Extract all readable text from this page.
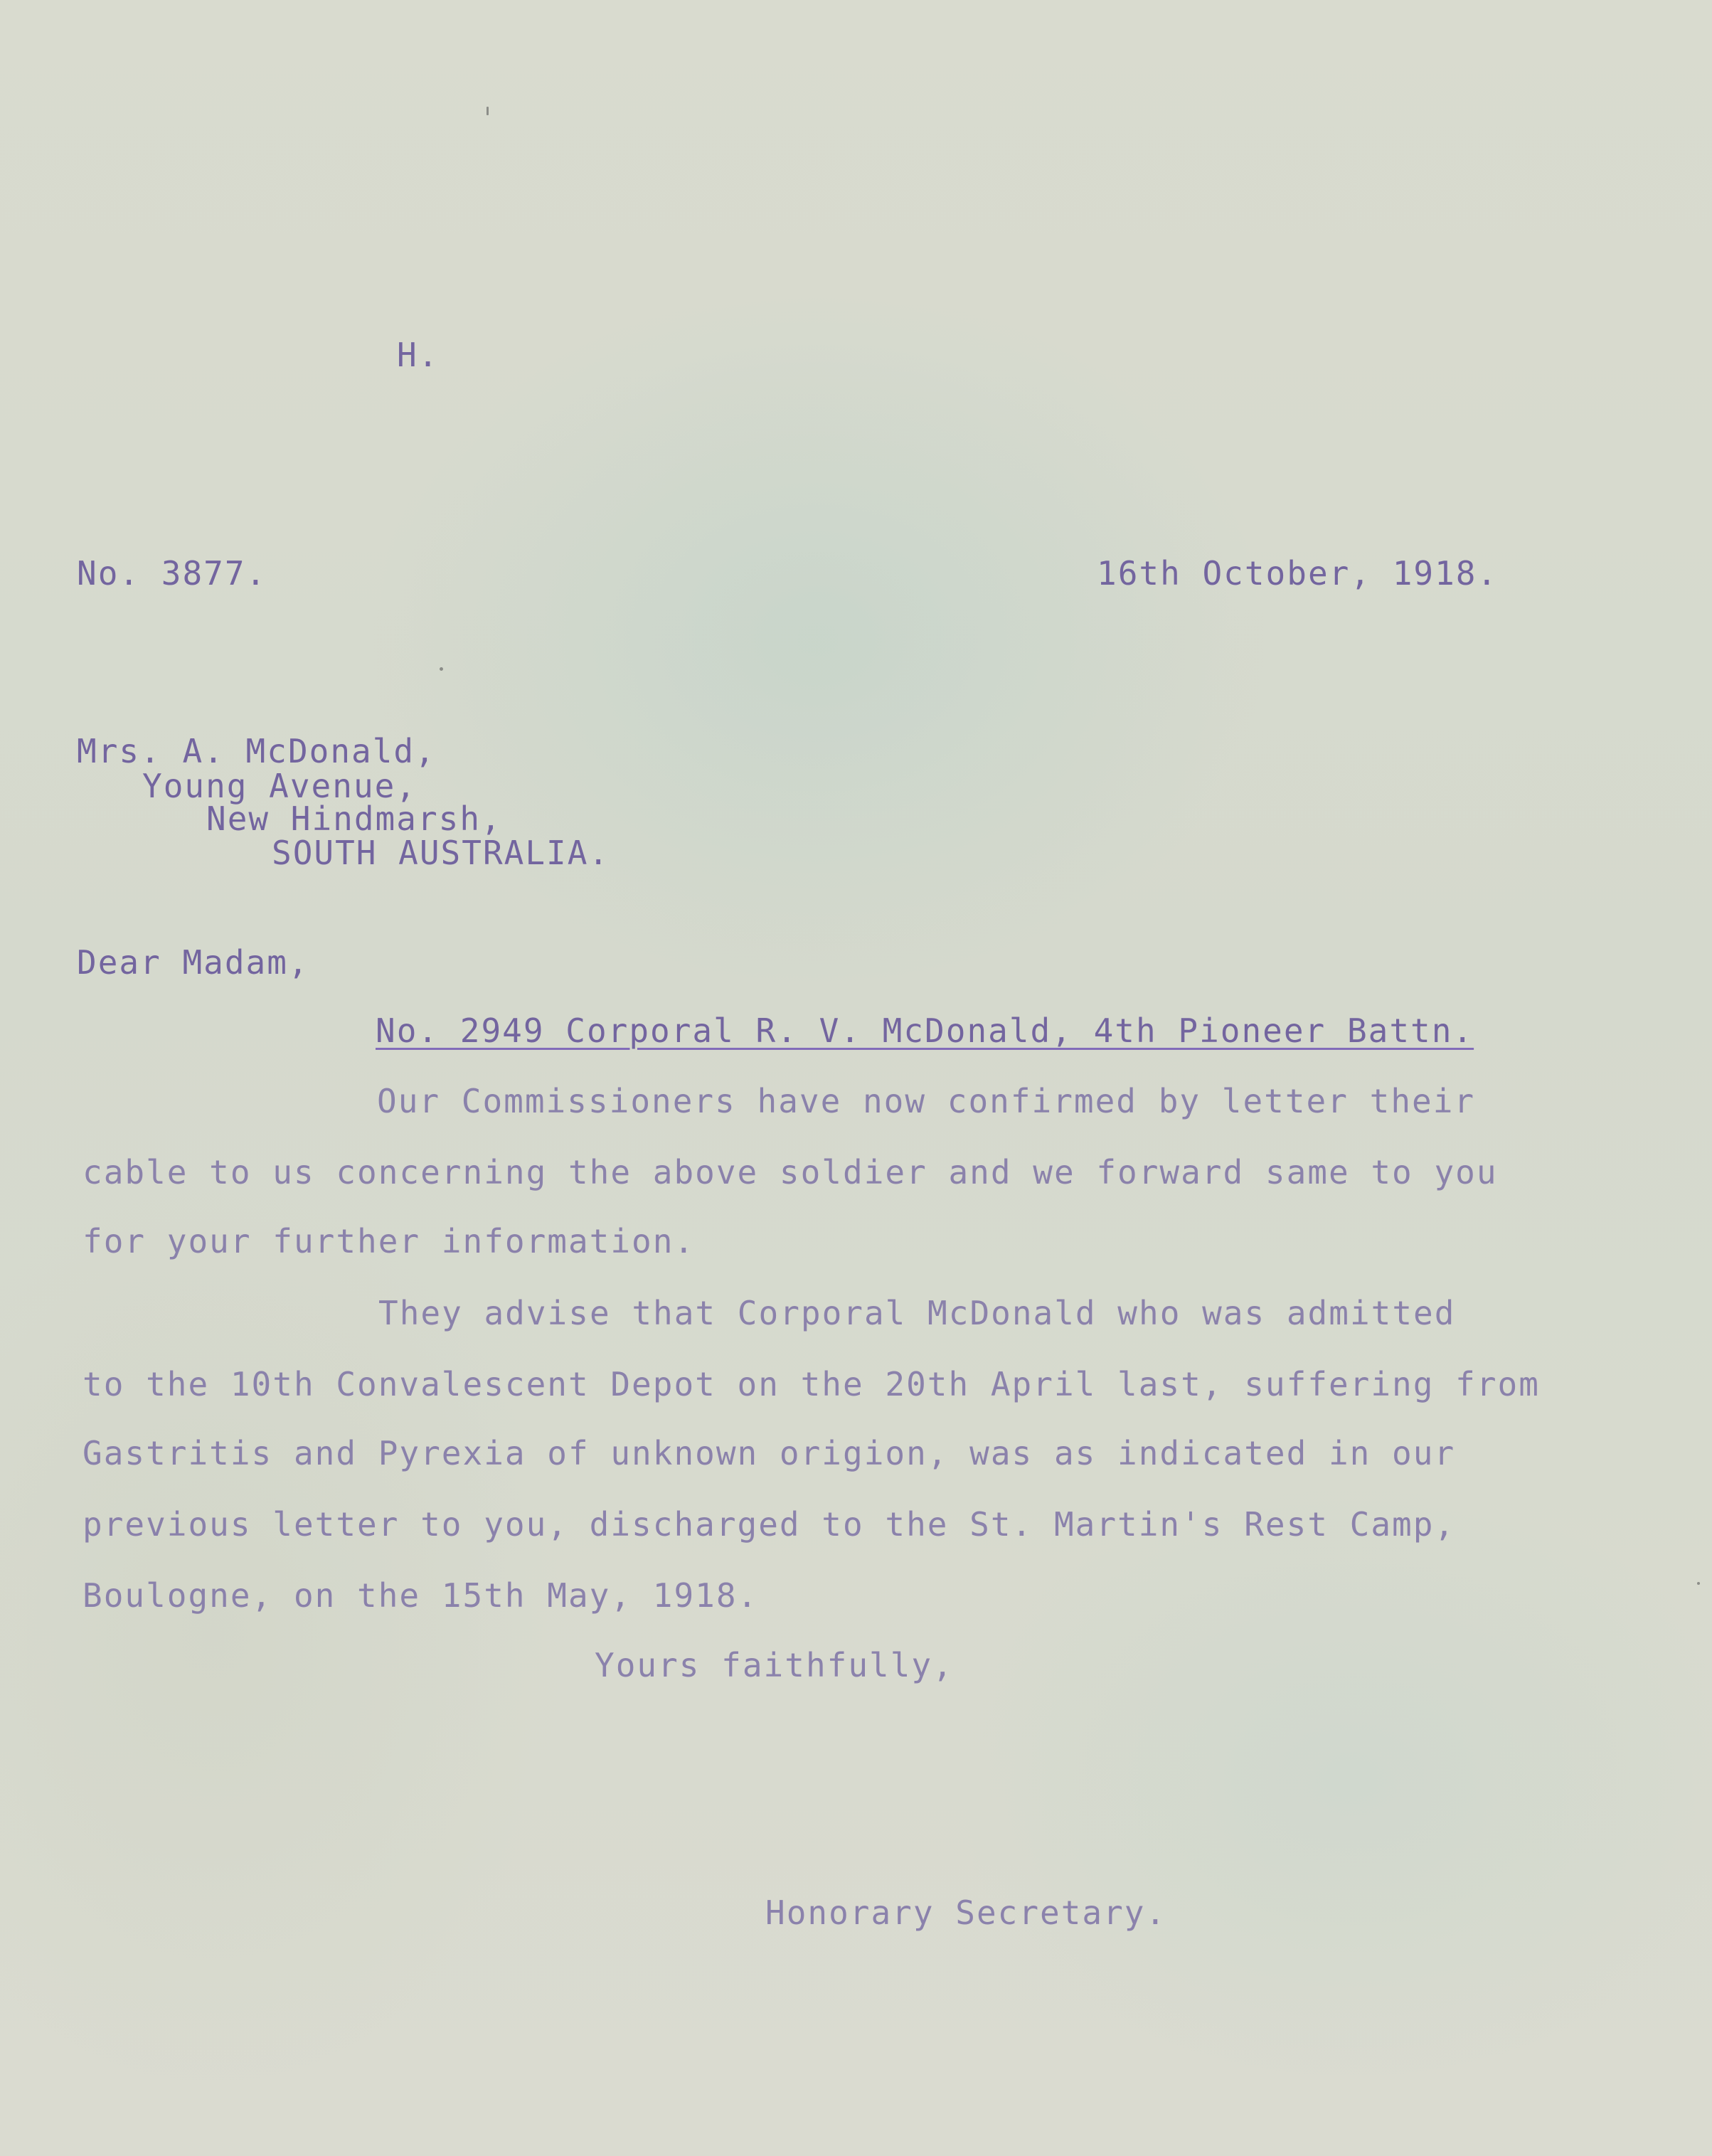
H.
No. 3877.	16th October, 1918.
Mrs. A. McDonald,
Young Avenue,
New Hindmarsh,
SOUTH AUSTRALIA.
Dear Madam,
No. 2949 Corporal R. V. McDonald, 4th Pioneer Battn.
Our Commissioners have now confirmed by letter their
cable to us concerning the above soldier and we forward same to you
for your further information.
They advise that Corporal McDonald who was admitted
to the 10th Convalescent Depot on the 20th April last, suffering from
Gastritis and Pyrexia of unknown origion, was as indicated in our
previous letter to you, discharged to the St. Martin's Rest Camp,
Boulogne, on the 15th May, 1918.
Yours faithfully,
Honorary Secretary.
